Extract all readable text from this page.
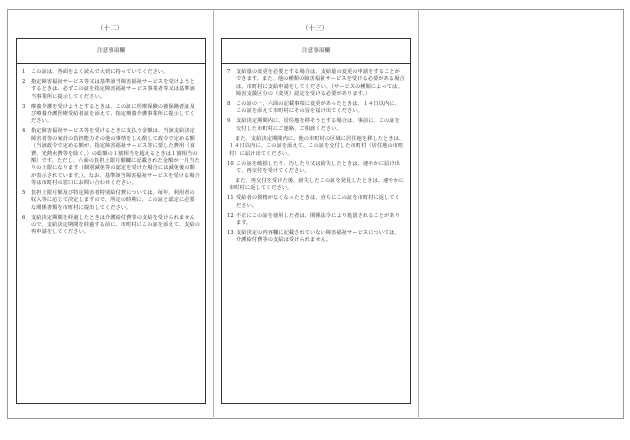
（十二）	（十三）
注意事項欄
1	この証は、各面をよく読んで大切に持っていてください。
2	指定障害福祉サービス等又は基準該当障害福祉サービスを受けようとするときは、必ずこの証を指定障害福祉サービス事業者等又は基準該当事業所に提示してください。
3	療養介護を受けようとするときは、この証に医療保険の被保険者証及び療養介護医療受給者証を添えて、指定療養介護事業所に提示してください。
4	指定障害福祉サービス等を受けるときに支払う金額は、当該支給決定障害者等の家計の負担能力その他の事情をしん酌して政令で定める額（当該政令で定める額が、指定障害福祉サービス等に要した費用（食費、光熱水費等を除く。）の総額の１割相当を超えるときは１割相当の額）です。ただし、六面の負担上限月額欄に記載された金額が一月当たりの上限になります（個別減免等の認定を受けた場合には減免後の額が表示されています。）。なお、基準該当障害福祉サービスを受ける場合等は市町村の窓口にお問い合わせください。
5	負担上限月額及び特定障害者特別給付費については、毎年、利用者の収入等に応じて決定しますので、所定の時期に、この証と認定に必要な関係書類を市町村に提出してください。
6	支給決定期間を経過したときは介護給付費等の支給を受けられませんので、支給決定期間を経過する前に、市町村にこの証を添えて、支給の再申請をしてください。
注意事項欄
7	支給量の変更を必要とする場合は、支給量の変更の申請をすることができます。また、他の種類の障害福祉サービスを受ける必要がある場合は、市町村に支給申請をしてください。（サービスの種類によっては、障害支援区分の（変更）認定を受ける必要があります。）
8	この証の一、六面の記載事項に変更があったときは、１４日以内に、この証を添えて市町村にその旨を届け出てください。
9	支給決定期間内に、居住地を移そうとする場合は、事前に、この証を交付した市町村にご連絡、ご相談ください。
また、支給決定期間内に、他の市町村の区域に居住地を移したときは、１４日以内に、この証を添えて、この証を交付した市町村（居住地の市町村）に届け出てください。
10 この証を破損したり、汚したり又は紛失したときは、速やかに届け出て、再交付を受けてください。
また、再交付を受けた後、紛失したこの証を発見したときは、速やかに市町村に返してください。
11 受給者の資格がなくなったときは、直ちにこの証を市町村に返してください。
12 不正にこの証を使用した者は、関係法令により処罰されることがあります。
13 支給決定の内容欄に記載されていない障害福祉サービスについては、介護給付費等の支給は受けられません。
